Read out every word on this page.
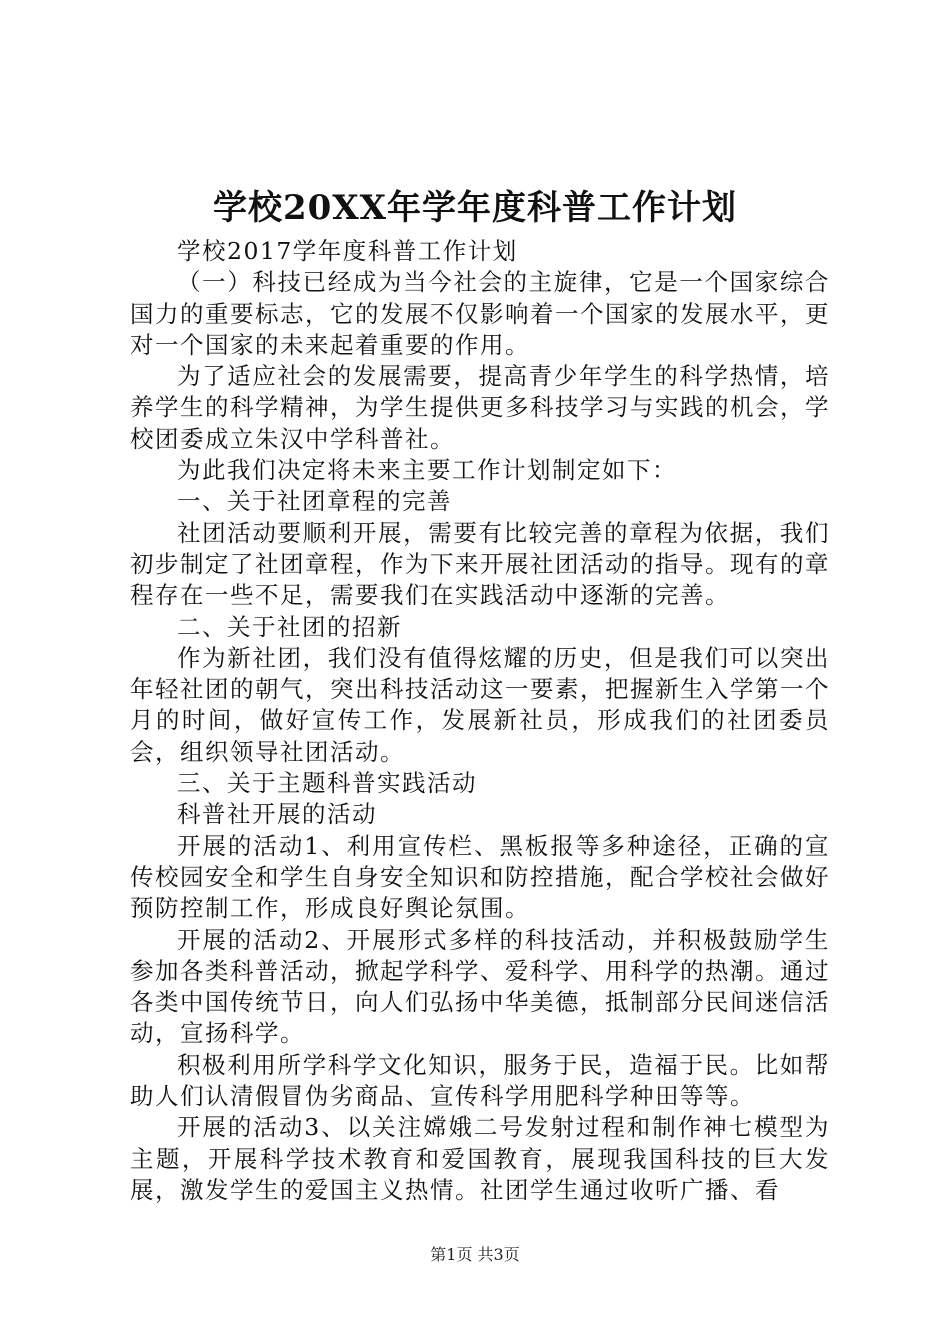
学校20XX年学年度科普工作计划

学校2017学年度科普工作计划

（一）科技已经成为当今社会的主旋律，它是一个国家综合国力的重要标志，它的发展不仅影响着一个国家的发展水平，更对一个国家的未来起着重要的作用。

为了适应社会的发展需要，提高青少年学生的科学热情，培养学生的科学精神，为学生提供更多科技学习与实践的机会，学校团委成立朱汉中学科普社。

为此我们决定将未来主要工作计划制定如下：

一、关于社团章程的完善

社团活动要顺利开展，需要有比较完善的章程为依据，我们初步制定了社团章程，作为下来开展社团活动的指导。现有的章程存在一些不足，需要我们在实践活动中逐渐的完善。

二、关于社团的招新

作为新社团，我们没有值得炫耀的历史，但是我们可以突出年轻社团的朝气，突出科技活动这一要素，把握新生入学第一个月的时间，做好宣传工作，发展新社员，形成我们的社团委员会，组织领导社团活动。

三、关于主题科普实践活动

科普社开展的活动

开展的活动1、利用宣传栏、黑板报等多种途径，正确的宣传校园安全和学生自身安全知识和防控措施，配合学校社会做好预防控制工作，形成良好舆论氛围。

开展的活动2、开展形式多样的科技活动，并积极鼓励学生参加各类科普活动，掀起学科学、爱科学、用科学的热潮。通过各类中国传统节日，向人们弘扬中华美德，抵制部分民间迷信活动，宣扬科学。

积极利用所学科学文化知识，服务于民，造福于民。比如帮助人们认清假冒伪劣商品、宣传科学用肥科学种田等等。

开展的活动3、以关注嫦娥二号发射过程和制作神七模型为主题，开展科学技术教育和爱国教育，展现我国科技的巨大发展，激发学生的爱国主义热情。社团学生通过收听广播、看

第1页 共3页
